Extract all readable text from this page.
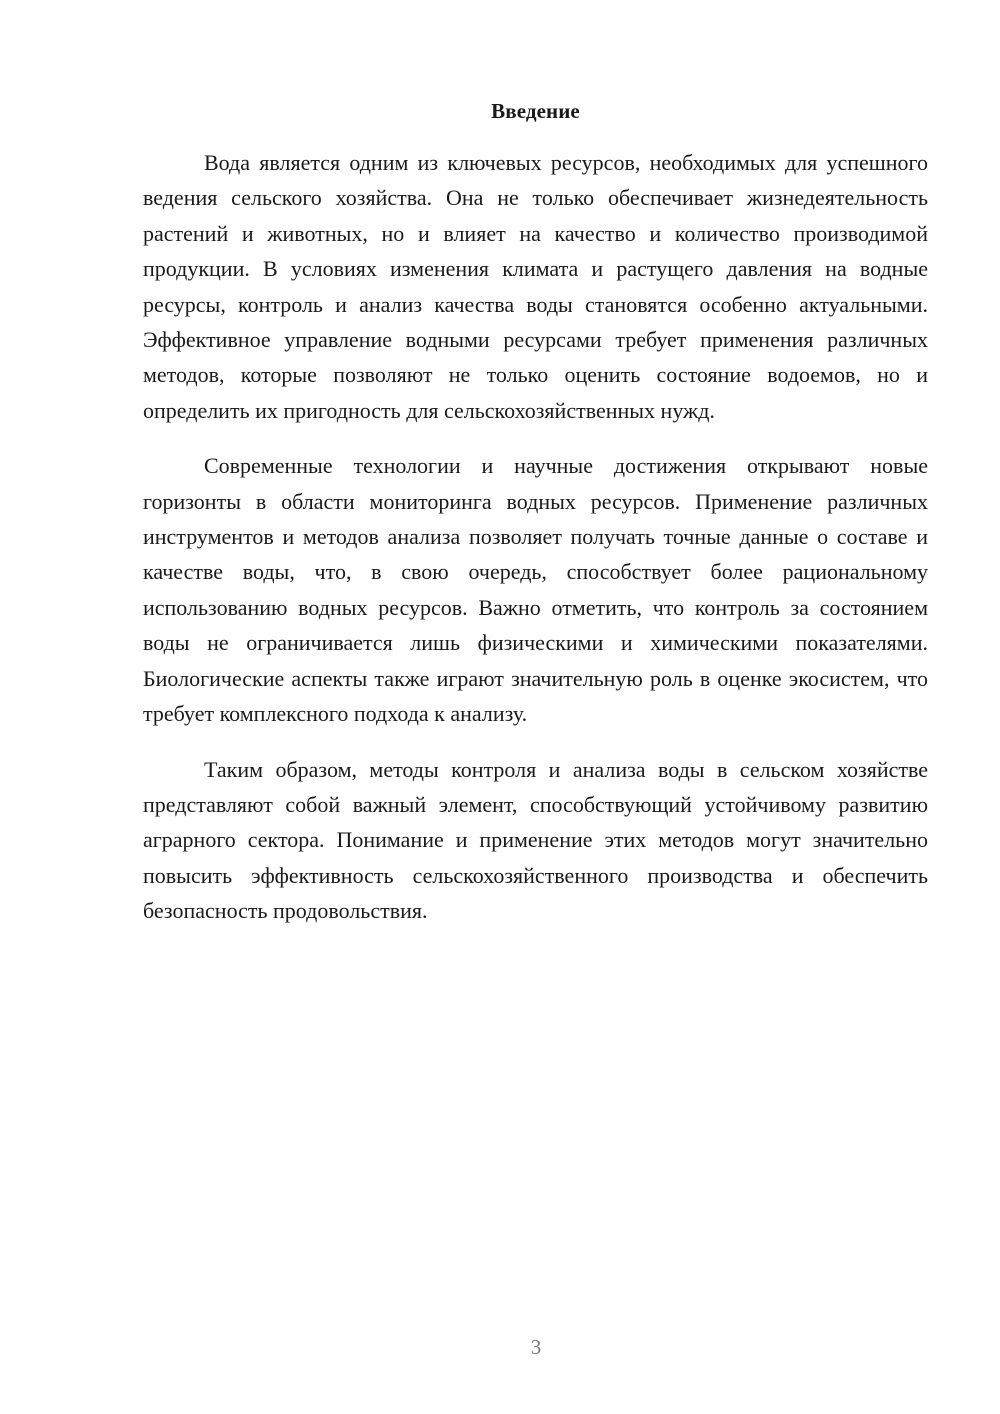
Введение

Вода является одним из ключевых ресурсов, необходимых для успешного ведения сельского хозяйства. Она не только обеспечивает жизнедеятельность растений и животных, но и влияет на качество и количество производимой продукции. В условиях изменения климата и растущего давления на водные ресурсы, контроль и анализ качества воды становятся особенно актуальными. Эффективное управление водными ресурсами требует применения различных методов, которые позволяют не только оценить состояние водоемов, но и определить их пригодность для сельскохозяйственных нужд.

Современные технологии и научные достижения открывают новые горизонты в области мониторинга водных ресурсов. Применение различных инструментов и методов анализа позволяет получать точные данные о составе и качестве воды, что, в свою очередь, способствует более рациональному использованию водных ресурсов. Важно отметить, что контроль за состоянием воды не ограничивается лишь физическими и химическими показателями. Биологические аспекты также играют значительную роль в оценке экосистем, что требует комплексного подхода к анализу.

Таким образом, методы контроля и анализа воды в сельском хозяйстве представляют собой важный элемент, способствующий устойчивому развитию аграрного сектора. Понимание и применение этих методов могут значительно повысить эффективность сельскохозяйственного производства и обеспечить безопасность продовольствия.

3
